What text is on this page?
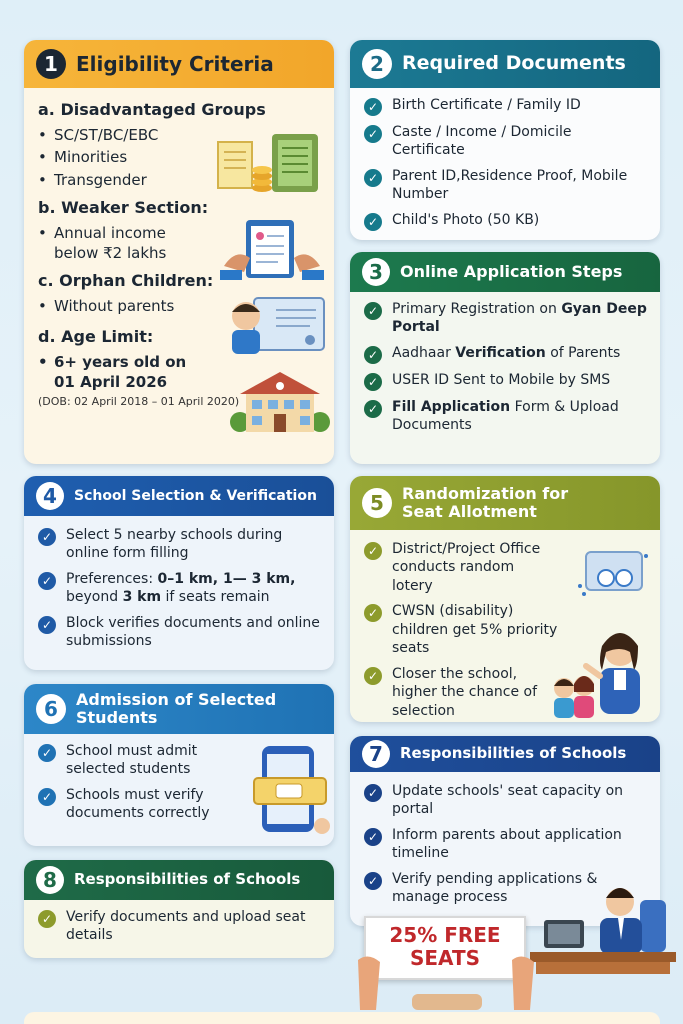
1 Eligibility Criteria
a. Disadvantaged Groups
• SC/ST/BC/EBC
• Minorities
• Transgender
b. Weaker Section:
• Annual income below ₹2 lakhs
c. Orphan Children:
• Without parents
d. Age Limit:
• 6+ years old on 01 April 2026
(DOB: 02 April 2018 – 01 April 2020)
2 Required Documents
✓ Birth Certificate / Family ID
✓ Caste / Income / Domicile Certificate
✓ Parent ID,Residence Proof, Mobile Number
✓ Child's Photo (50 KB)
3	Online Application Steps
✓ Primary Registration on Gyan Deep Portal
✓ Aadhaar Verification of Parents
✓ USER ID Sent to Mobile by SMS
✓ Fill Application Form & Upload Documents
4	School Selection & Verification
✓ Select 5 nearby schools during online form filling
✓ Preferences: 0–1 km, 1— 3 km, beyond 3 km if seats remain
✓ Block verifies documents and online submissions
5	Randomization for Seat Allotment
✓ District/Project Office conducts random lotery
✓ CWSN (disability) children get 5% priority seats
✓ Closer the school, higher the chance of selection
6	Admission of Selected Students
✓ School must admit selected students
✓ Schools must verify documents correctly
7	Responsibilities of Schools
✓ Update schools' seat capacity on portal
✓ Inform parents about application timeline
✓ Verify pending applications & manage process
8	Responsibilities of Schools
✓ Verify documents and upload seat details	25% FREE
SEATS
